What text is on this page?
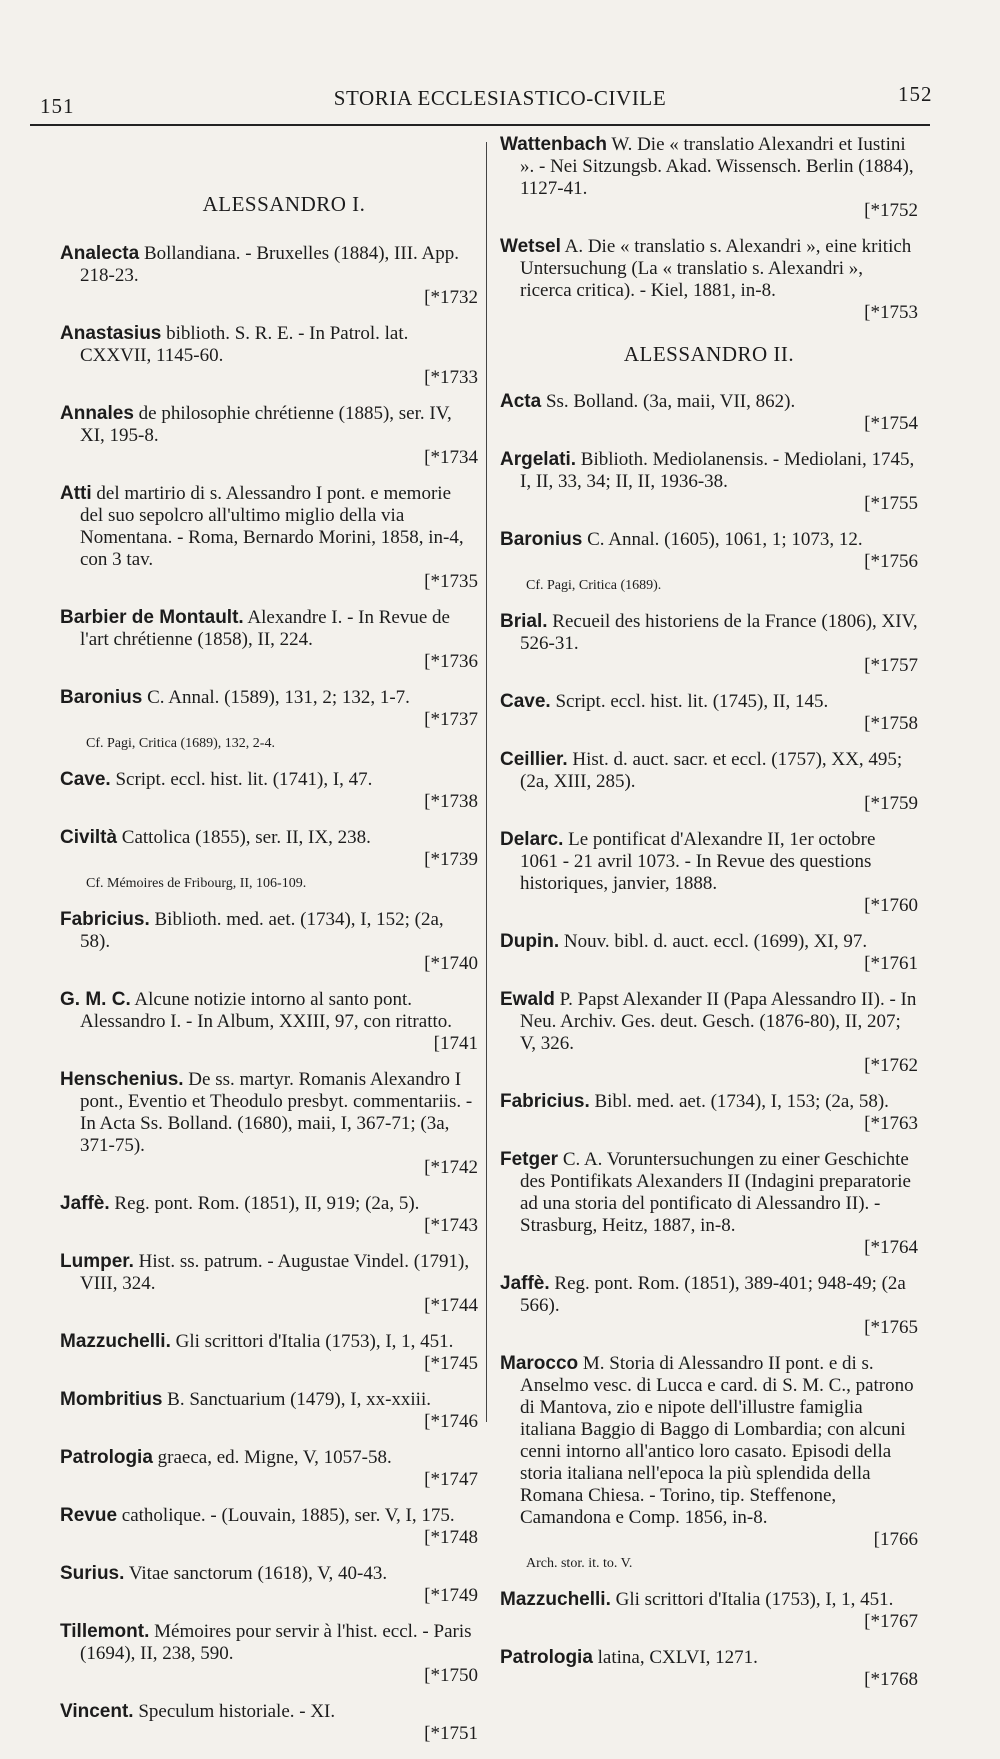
151	STORIA ECCLESIASTICO-CIVILE	152
ALESSANDRO I.

Analecta Bollandiana. - Bruxelles (1884), III. App. 218-23.

[*1732

Anastasius biblioth. S. R. E. - In Patrol. lat. CXXVII, 1145-60.

[*1733

Annales de philosophie chrétienne (1885), ser. IV, XI, 195-8.

[*1734

Atti del martirio di s. Alessandro I pont. e memorie del suo sepolcro all'ultimo miglio della via Nomentana. - Roma, Bernardo Morini, 1858, in-4, con 3 tav.

[*1735

Barbier de Montault. Alexandre I. - In Revue de l'art chrétienne (1858), II, 224.

[*1736

Baronius C. Annal. (1589), 131, 2; 132, 1-7.

[*1737
Cf. Pagi, Critica (1689), 132, 2-4.

Cave. Script. eccl. hist. lit. (1741), I, 47.

[*1738

Civiltà Cattolica (1855), ser. II, IX, 238.

[*1739
Cf. Mémoires de Fribourg, II, 106-109.

Fabricius. Biblioth. med. aet. (1734), I, 152; (2a, 58).

[*1740

G. M. C. Alcune notizie intorno al santo pont. Alessandro I. - In Album, XXIII, 97, con ritratto.

[1741

Henschenius. De ss. martyr. Romanis Alexandro I pont., Eventio et Theodulo presbyt. commentariis. - In Acta Ss. Bolland. (1680), maii, I, 367-71; (3a, 371-75).

[*1742

Jaffè. Reg. pont. Rom. (1851), II, 919; (2a, 5).

[*1743

Lumper. Hist. ss. patrum. - Augustae Vindel. (1791), VIII, 324.

[*1744

Mazzuchelli. Gli scrittori d'Italia (1753), I, 1, 451.

[*1745

Mombritius B. Sanctuarium (1479), I, xx-xxiii.

[*1746

Patrologia graeca, ed. Migne, V, 1057-58.

[*1747

Revue catholique. - (Louvain, 1885), ser. V, I, 175.

[*1748

Surius. Vitae sanctorum (1618), V, 40-43.

[*1749

Tillemont. Mémoires pour servir à l'hist. eccl. - Paris (1694), II, 238, 590.

[*1750

Vincent. Speculum historiale. - XI.

[*1751

Wattenbach W. Die « translatio Alexandri et Iustini ». - Nei Sitzungsb. Akad. Wissensch. Berlin (1884), 1127-41.

[*1752

Wetsel A. Die « translatio s. Alexandri », eine kritich Untersuchung (La « translatio s. Alexandri », ricerca critica). - Kiel, 1881, in-8.

[*1753
ALESSANDRO II.

Acta Ss. Bolland. (3a, maii, VII, 862).

[*1754

Argelati. Biblioth. Mediolanensis. - Mediolani, 1745, I, II, 33, 34; II, II, 1936-38.

[*1755

Baronius C. Annal. (1605), 1061, 1; 1073, 12.

[*1756
Cf. Pagi, Critica (1689).

Brial. Recueil des historiens de la France (1806), XIV, 526-31.

[*1757

Cave. Script. eccl. hist. lit. (1745), II, 145.

[*1758

Ceillier. Hist. d. auct. sacr. et eccl. (1757), XX, 495; (2a, XIII, 285).

[*1759

Delarc. Le pontificat d'Alexandre II, 1er octobre 1061 - 21 avril 1073. - In Revue des questions historiques, janvier, 1888.

[*1760

Dupin. Nouv. bibl. d. auct. eccl. (1699), XI, 97.

[*1761

Ewald P. Papst Alexander II (Papa Alessandro II). - In Neu. Archiv. Ges. deut. Gesch. (1876-80), II, 207; V, 326.

[*1762

Fabricius. Bibl. med. aet. (1734), I, 153; (2a, 58).

[*1763

Fetger C. A. Voruntersuchungen zu einer Geschichte des Pontifikats Alexanders II (Indagini preparatorie ad una storia del pontificato di Alessandro II). - Strasburg, Heitz, 1887, in-8.

[*1764

Jaffè. Reg. pont. Rom. (1851), 389-401; 948-49; (2a 566).

[*1765

Marocco M. Storia di Alessandro II pont. e di s. Anselmo vesc. di Lucca e card. di S. M. C., patrono di Mantova, zio e nipote dell'illustre famiglia italiana Baggio di Baggo di Lombardia; con alcuni cenni intorno all'antico loro casato. Episodi della storia italiana nell'epoca la più splendida della Romana Chiesa. - Torino, tip. Steffenone, Camandona e Comp. 1856, in-8.

[1766
Arch. stor. it. to. V.

Mazzuchelli. Gli scrittori d'Italia (1753), I, 1, 451.

[*1767

Patrologia latina, CXLVI, 1271.

[*1768
